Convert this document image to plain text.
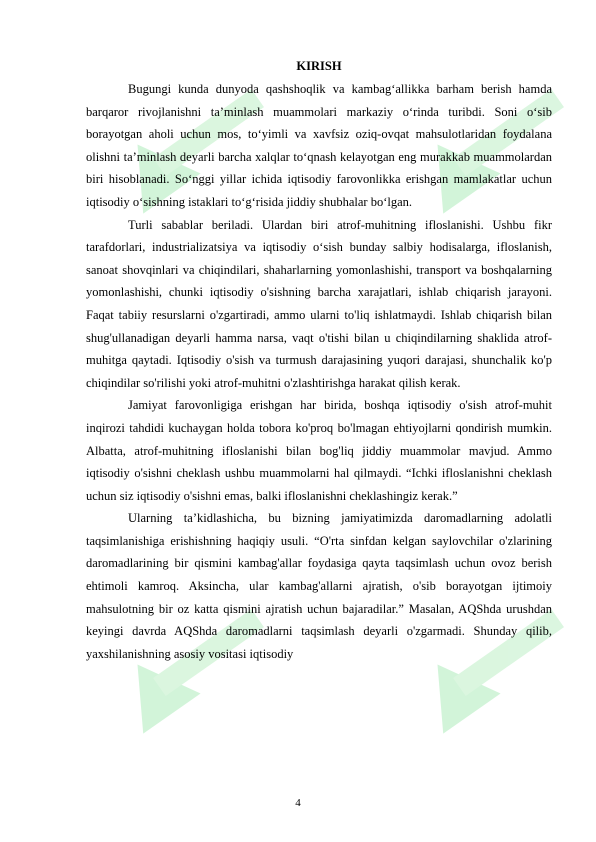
KIRISH

Bugungi kunda dunyoda qashshoqlik va kambag‘allikka barham berish hamda barqaror rivojlanishni ta’minlash muammolari markaziy o‘rinda turibdi. Soni o‘sib borayotgan aholi uchun mos, to‘yimli va xavfsiz oziq-ovqat mahsulotlaridan foydalana olishni ta’minlash deyarli barcha xalqlar to‘qnash kelayotgan eng murakkab muammolardan biri hisoblanadi. So‘nggi yillar ichida iqtisodiy farovonlikka erishgan mamlakatlar uchun iqtisodiy o‘sishning istaklari to‘g‘risida jiddiy shubhalar bo‘lgan.

Turli sabablar beriladi. Ulardan biri atrof-muhitning ifloslanishi. Ushbu fikr tarafdorlari, industrializatsiya va iqtisodiy o‘sish bunday salbiy hodisalarga, ifloslanish, sanoat shovqinlari va chiqindilari, shaharlarning yomonlashishi, transport va boshqalarning yomonlashishi, chunki iqtisodiy o'sishning barcha xarajatlari, ishlab chiqarish jarayoni. Faqat tabiiy resurslarni o'zgartiradi, ammo ularni to'liq ishlatmaydi. Ishlab chiqarish bilan shug'ullanadigan deyarli hamma narsa, vaqt o'tishi bilan u chiqindilarning shaklida atrof-muhitga qaytadi. Iqtisodiy o'sish va turmush darajasining yuqori darajasi, shunchalik ko'p chiqindilar so'rilishi yoki atrof-muhitni o'zlashtirishga harakat qilish kerak.

Jamiyat farovonligiga erishgan har birida, boshqa iqtisodiy o'sish atrof-muhit inqirozi tahdidi kuchaygan holda tobora ko'proq bo'lmagan ehtiyojlarni qondirish mumkin. Albatta, atrof-muhitning ifloslanishi bilan bog'liq jiddiy muammolar mavjud. Ammo iqtisodiy o'sishni cheklash ushbu muammolarni hal qilmaydi. “Ichki ifloslanishni cheklash uchun siz iqtisodiy o'sishni emas, balki ifloslanishni cheklashingiz kerak.”

Ularning ta’kidlashicha, bu bizning jamiyatimizda daromadlarning adolatli taqsimlanishiga erishishning haqiqiy usuli. “O'rta sinfdan kelgan saylovchilar o'zlarining daromadlarining bir qismini kambag'allar foydasiga qayta taqsimlash uchun ovoz berish ehtimoli kamroq. Aksincha, ular kambag'allarni ajratish, o'sib borayotgan ijtimoiy mahsulotning bir oz katta qismini ajratish uchun bajaradilar.” Masalan, AQShda urushdan keyingi davrda AQShda daromadlarni taqsimlash deyarli o'zgarmadi. Shunday qilib, yaxshilanishning asosiy vositasi iqtisodiy

4
